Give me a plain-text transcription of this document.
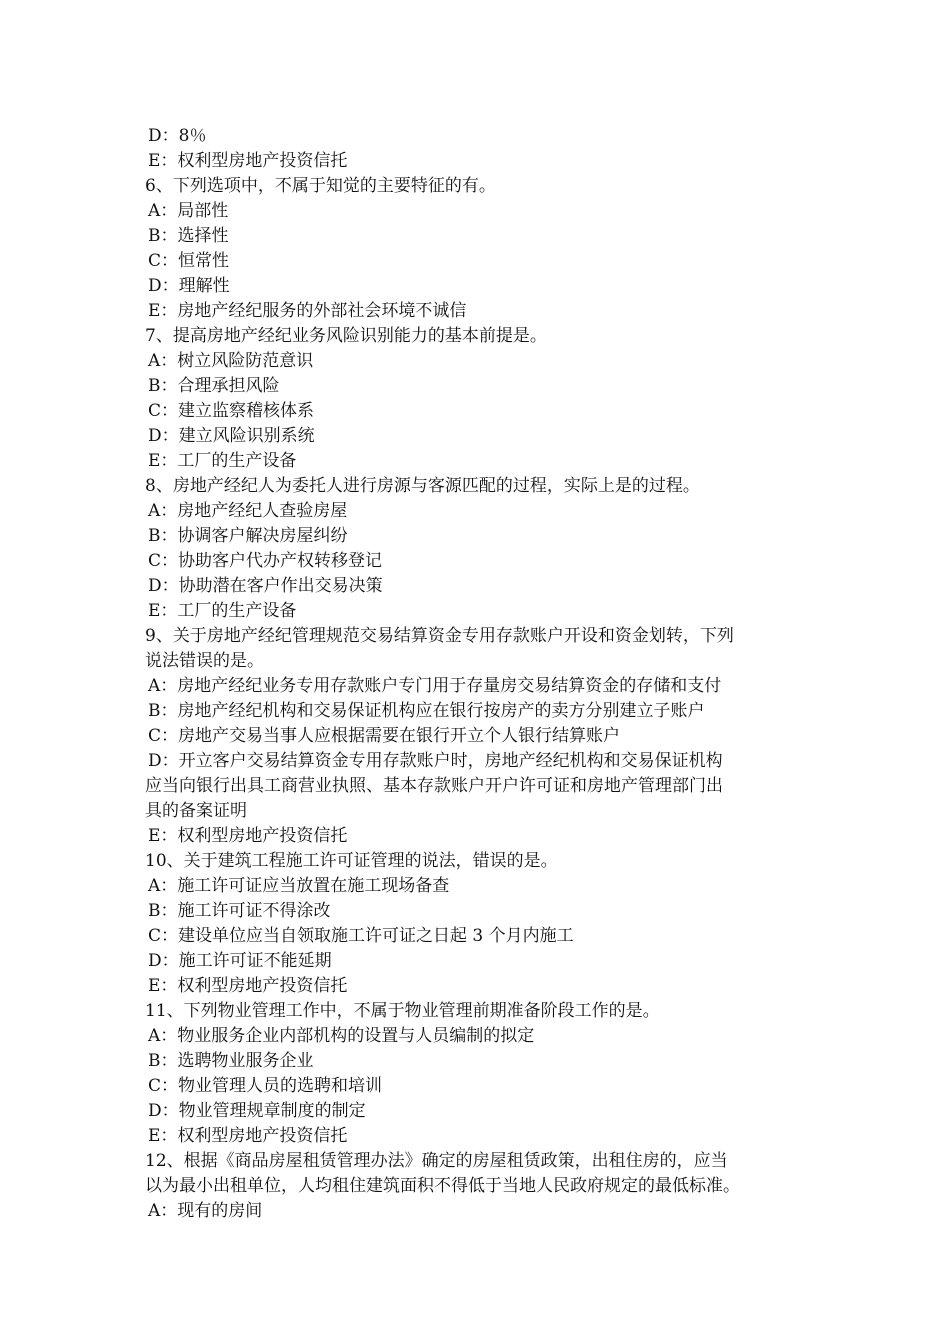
D：8％
E：权利型房地产投资信托
6、下列选项中，不属于知觉的主要特征的有。
A：局部性
B：选择性
C：恒常性
D：理解性
E：房地产经纪服务的外部社会环境不诚信
7、提高房地产经纪业务风险识别能力的基本前提是。
A：树立风险防范意识
B：合理承担风险
C：建立监察稽核体系
D：建立风险识别系统
E：工厂的生产设备
8、房地产经纪人为委托人进行房源与客源匹配的过程，实际上是的过程。
A：房地产经纪人查验房屋
B：协调客户解决房屋纠纷
C：协助客户代办产权转移登记
D：协助潜在客户作出交易决策
E：工厂的生产设备
9、关于房地产经纪管理规范交易结算资金专用存款账户开设和资金划转，下列
说法错误的是。
A：房地产经纪业务专用存款账户专门用于存量房交易结算资金的存储和支付
B：房地产经纪机构和交易保证机构应在银行按房产的卖方分别建立子账户
C：房地产交易当事人应根据需要在银行开立个人银行结算账户
D：开立客户交易结算资金专用存款账户时，房地产经纪机构和交易保证机构
应当向银行出具工商营业执照、基本存款账户开户许可证和房地产管理部门出
具的备案证明
E：权利型房地产投资信托
10、关于建筑工程施工许可证管理的说法，错误的是。
A：施工许可证应当放置在施工现场备查
B：施工许可证不得涂改
C：建设单位应当自领取施工许可证之日起 3 个月内施工
D：施工许可证不能延期
E：权利型房地产投资信托
11、下列物业管理工作中，不属于物业管理前期准备阶段工作的是。
A：物业服务企业内部机构的设置与人员编制的拟定
B：选聘物业服务企业
C：物业管理人员的选聘和培训
D：物业管理规章制度的制定
E：权利型房地产投资信托
12、根据《商品房屋租赁管理办法》确定的房屋租赁政策，出租住房的，应当
以为最小出租单位，人均租住建筑面积不得低于当地人民政府规定的最低标准。
A：现有的房间
